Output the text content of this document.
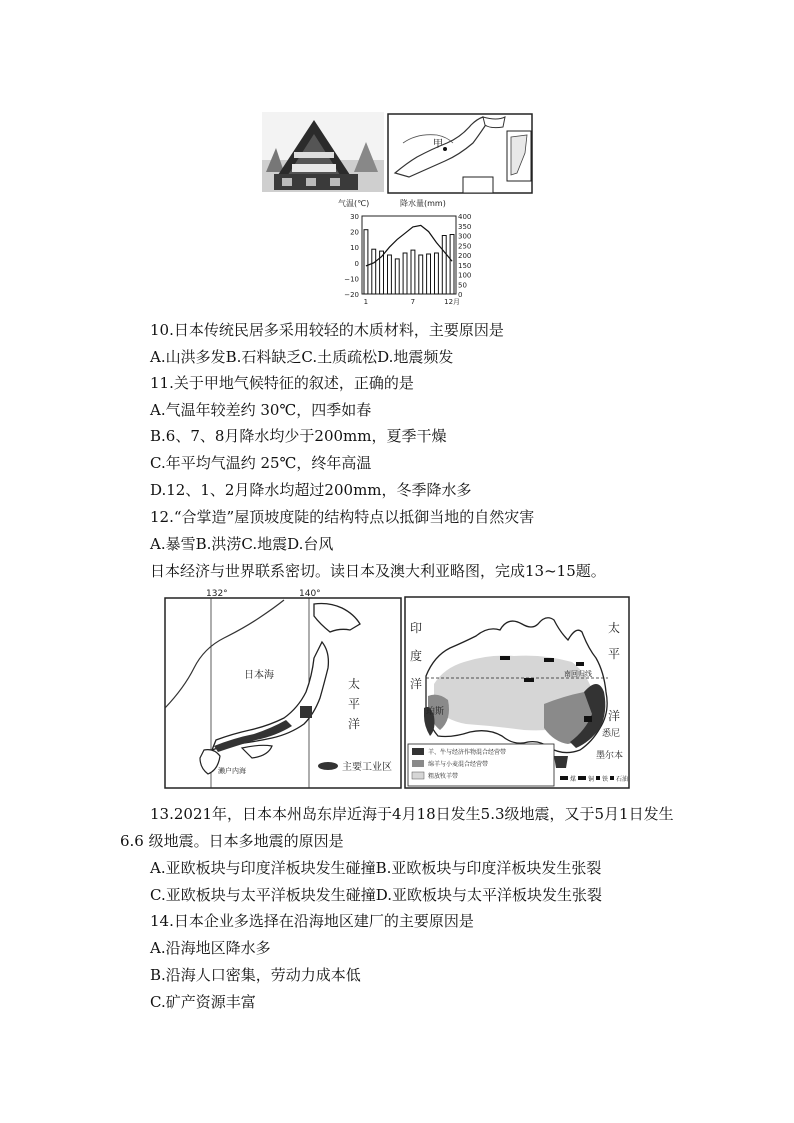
甲
气温(℃)	降水量(mm)
30
20
10
0
−10
−20
400
350
300
250
200
150
100
50
0
1	7	12月
10.日本传统民居多采用较轻的木质材料，主要原因是
A.山洪多发B.石料缺乏C.土质疏松D.地震频发
11.关于甲地气候特征的叙述，正确的是
A.气温年较差约 30℃，四季如春
B.6、7、8月降水均少于200mm，夏季干燥
C.年平均气温约 25℃，终年高温
D.12、1、2月降水均超过200mm，冬季降水多
12.“合掌造”屋顶坡度陡的结构特点以抵御当地的自然灾害
A.暴雪B.洪涝C.地震D.台风
日本经济与世界联系密切。读日本及澳大利亚略图，完成13~15题。
132°	140°
日本海
太
平
洋
濑户内海	主要工业区
南回归线
印
度
洋
太
平
洋
珀斯
悉尼
墨尔本
羊、牛与经济作物混合经营带
绵羊与小麦混合经营带
粗放牧羊带	煤 铜 铁 石油
13.2021年，日本本州岛东岸近海于4月18日发生5.3级地震，又于5月1日发生
6.6 级地震。日本多地震的原因是
A.亚欧板块与印度洋板块发生碰撞B.亚欧板块与印度洋板块发生张裂
C.亚欧板块与太平洋板块发生碰撞D.亚欧板块与太平洋板块发生张裂
14.日本企业多选择在沿海地区建厂的主要原因是
A.沿海地区降水多
B.沿海人口密集，劳动力成本低
C.矿产资源丰富
